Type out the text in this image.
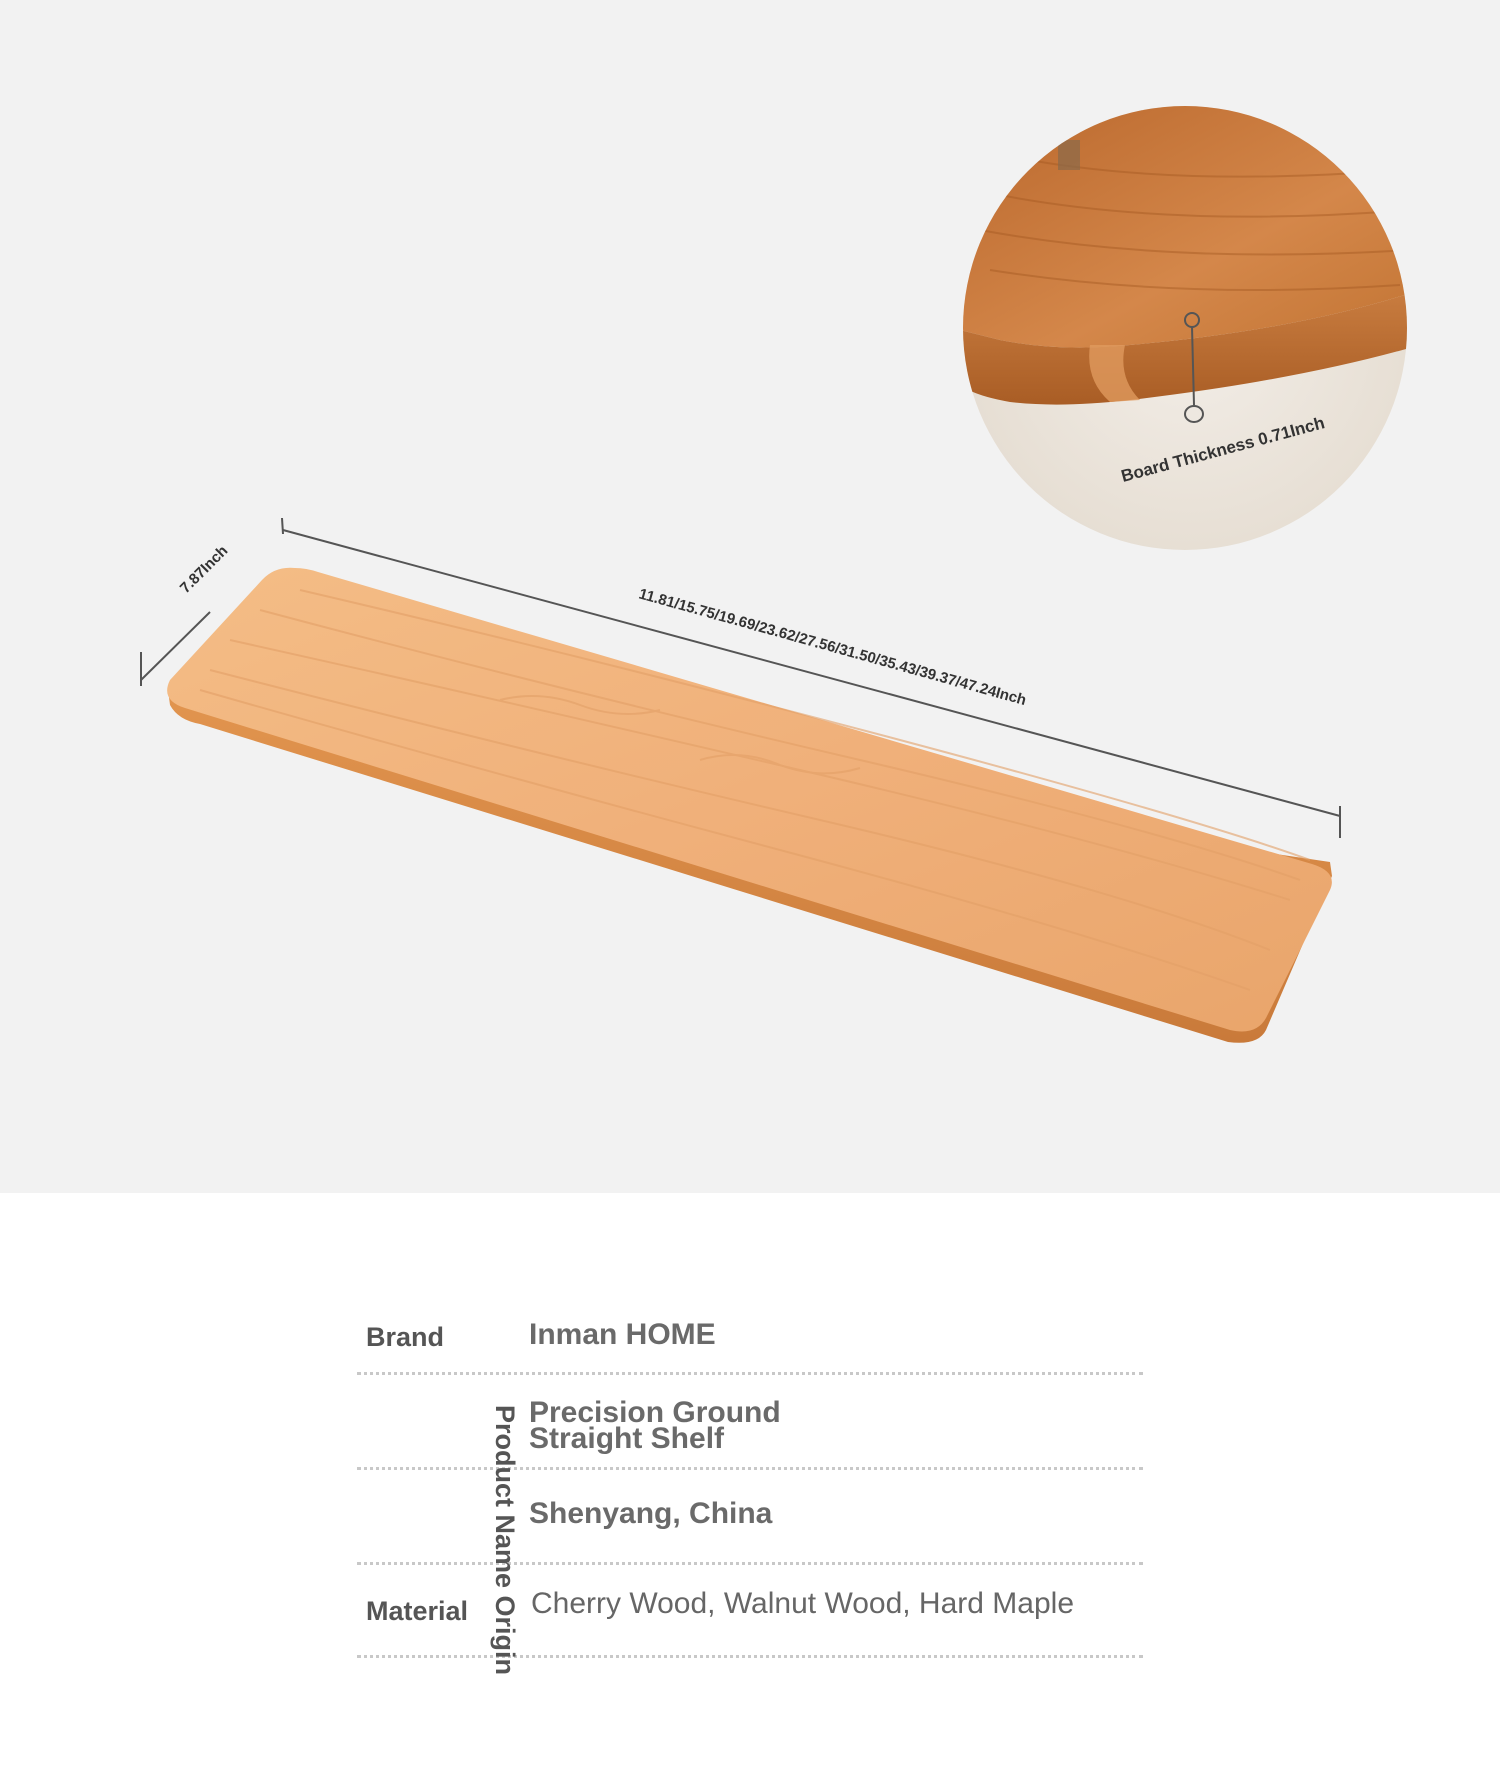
7.87Inch
11.81/15.75/19.69/23.62/27.56/31.50/35.43/39.37/47.24Inch
Board Thickness 0.71Inch
Brand	Inman HOME
Precision Ground
Straight Shelf
Shenyang, China
Material Cherry Wood, Walnut Wood, Hard Maple
Product Name Origin
